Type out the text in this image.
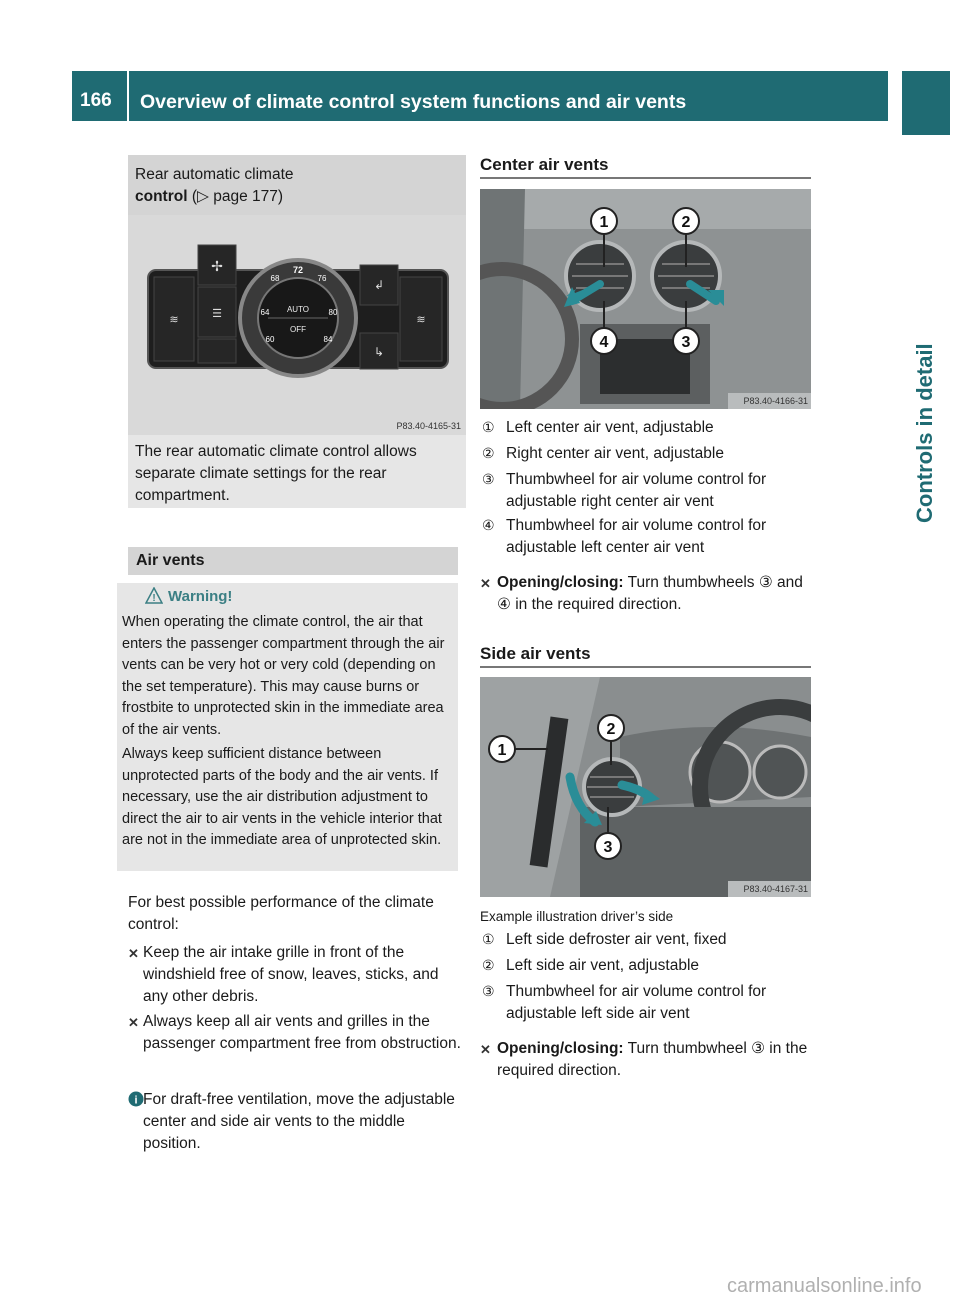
166 Overview of climate control system functions and air vents
Controls in detail
Rear automatic climate
control (▷ page 177)
AUTO
OFF
72
68	76
64	80
60	84
✢
≋	≋
☰
↲
↳
P83.40-4165-31
The rear automatic climate control allows separate climate settings for the rear compartment.
Air vents
! Warning!
When operating the climate control, the air that enters the passenger compartment through the air vents can be very hot or very cold (depending on the set temperature). This may cause burns or frostbite to unprotected skin in the immediate area of the air vents.
Always keep sufficient distance between unprotected parts of the body and the air vents. If necessary, use the air distribution adjustment to direct the air to air vents in the vehicle interior that are not in the immediate area of unprotected skin.
For best possible performance of the climate control:
✕ Keep the air intake grille in front of the windshield free of snow, leaves, sticks, and any other debris.
✕ Always keep all air vents and grilles in the passenger compartment free from obstruction.
i For draft-free ventilation, move the adjustable center and side air vents to the middle position.
Center air vents
1	2
4	3
P83.40-4166-31
① Left center air vent, adjustable
② Right center air vent, adjustable
③ Thumbwheel for air volume control for adjustable right center air vent
④ Thumbwheel for air volume control for adjustable left center air vent
✕ Opening/closing: Turn thumbwheels ③ and ④ in the required direction.
Side air vents
1
2
3
P83.40-4167-31
Example illustration driver’s side
① Left side defroster air vent, fixed
② Left side air vent, adjustable
③ Thumbwheel for air volume control for adjustable left side air vent
✕ Opening/closing: Turn thumbwheel ③ in the required direction.
carmanualsonline.info
